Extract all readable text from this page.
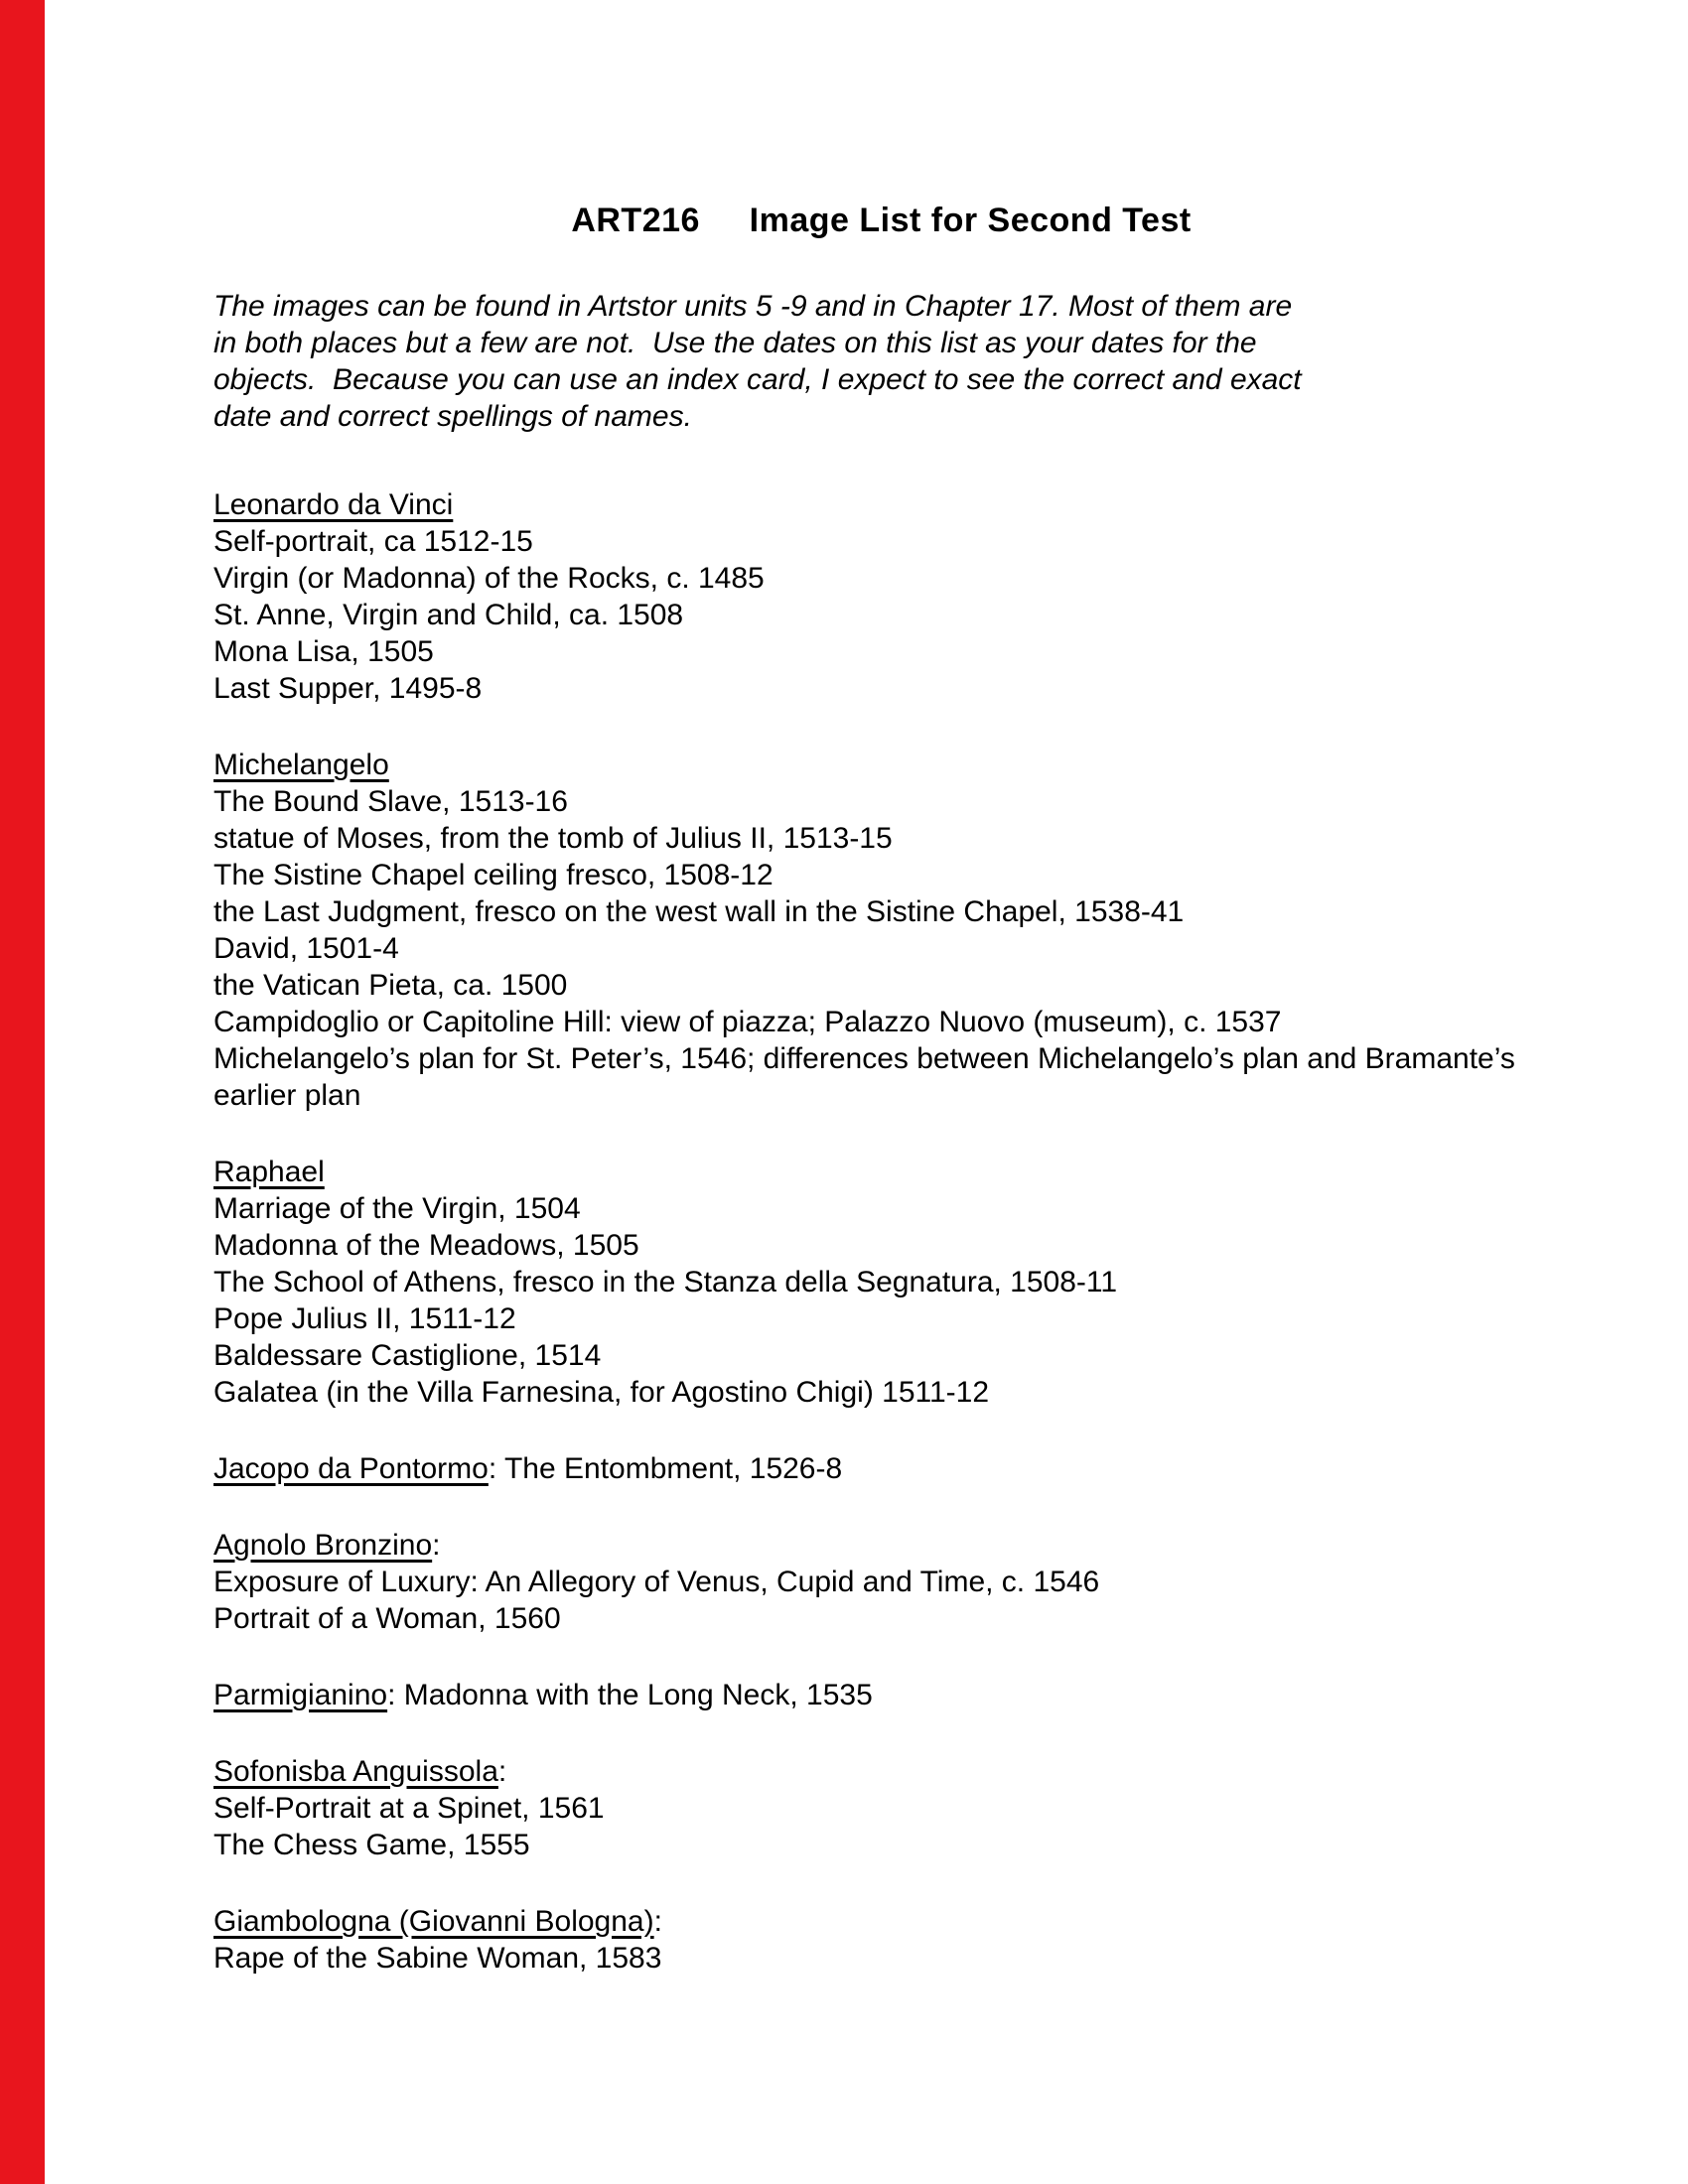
ART216     Image List for Second Test

The images can be found in Artstor units 5 -9 and in Chapter 17. Most of them are
in both places but a few are not.  Use the dates on this list as your dates for the
objects.  Because you can use an index card, I expect to see the correct and exact
date and correct spellings of names.

Leonardo da Vinci

Self-portrait, ca 1512-15

Virgin (or Madonna) of the Rocks, c. 1485

St. Anne, Virgin and Child, ca. 1508

Mona Lisa, 1505

Last Supper, 1495-8

Michelangelo

The Bound Slave, 1513-16

statue of Moses, from the tomb of Julius II, 1513-15

The Sistine Chapel ceiling fresco, 1508-12

the Last Judgment, fresco on the west wall in the Sistine Chapel, 1538-41

David, 1501-4

the Vatican Pieta, ca. 1500

Campidoglio or Capitoline Hill: view of piazza; Palazzo Nuovo (museum), c. 1537

Michelangelo’s plan for St. Peter’s, 1546; differences between Michelangelo’s plan and Bramante’s earlier plan

Raphael

Marriage of the Virgin, 1504

Madonna of the Meadows, 1505

The School of Athens, fresco in the Stanza della Segnatura, 1508-11

Pope Julius II, 1511-12

Baldessare Castiglione, 1514

Galatea (in the Villa Farnesina, for Agostino Chigi) 1511-12

Jacopo da Pontormo: The Entombment, 1526-8

Agnolo Bronzino:

Exposure of Luxury: An Allegory of Venus, Cupid and Time, c. 1546

Portrait of a Woman, 1560

Parmigianino: Madonna with the Long Neck, 1535

Sofonisba Anguissola:

Self-Portrait at a Spinet, 1561

The Chess Game, 1555

Giambologna (Giovanni Bologna):

Rape of the Sabine Woman, 1583
